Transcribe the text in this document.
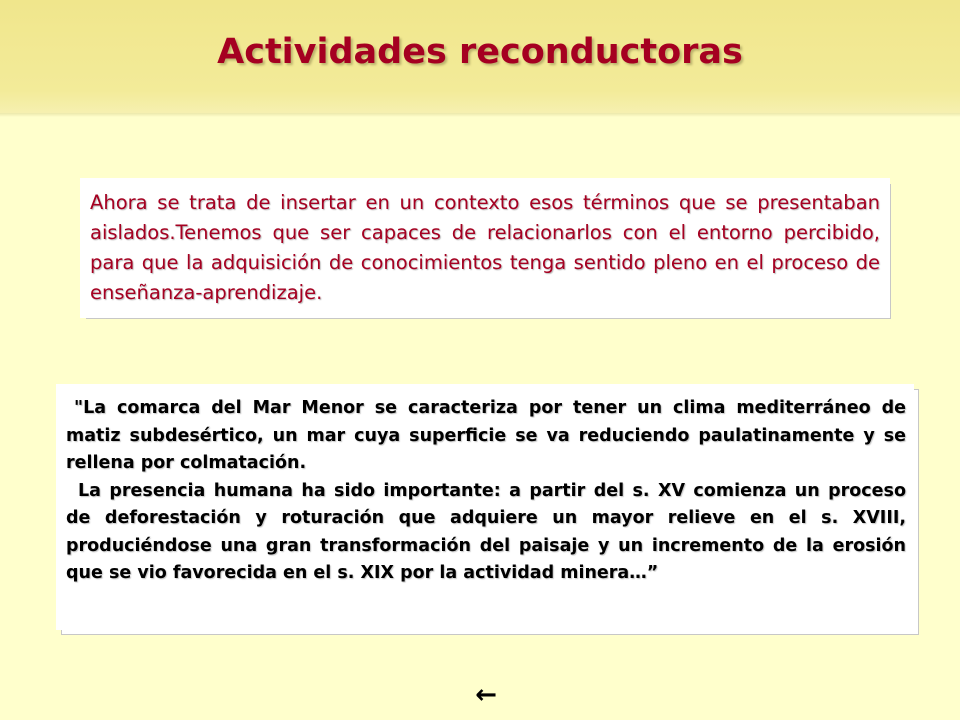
Actividades reconductoras

Ahora se trata de insertar en un contexto esos términos que se presentaban aislados.Tenemos que ser capaces de relacionarlos con el entorno percibido, para que la adquisición de conocimientos tenga sentido pleno en el proceso de enseñanza-aprendizaje.

"La comarca del Mar Menor se caracteriza por tener un clima mediterráneo de matiz subdesértico, un mar cuya superficie se va reduciendo paulatinamente y se rellena por colmatación.

La presencia humana ha sido importante: a partir del s. XV comienza un proceso de deforestación y roturación que adquiere un mayor relieve en el s. XVIII, produciéndose una gran transformación del paisaje y un incremento de la erosión que se vio favorecida en el s. XIX por la actividad minera…”

←
